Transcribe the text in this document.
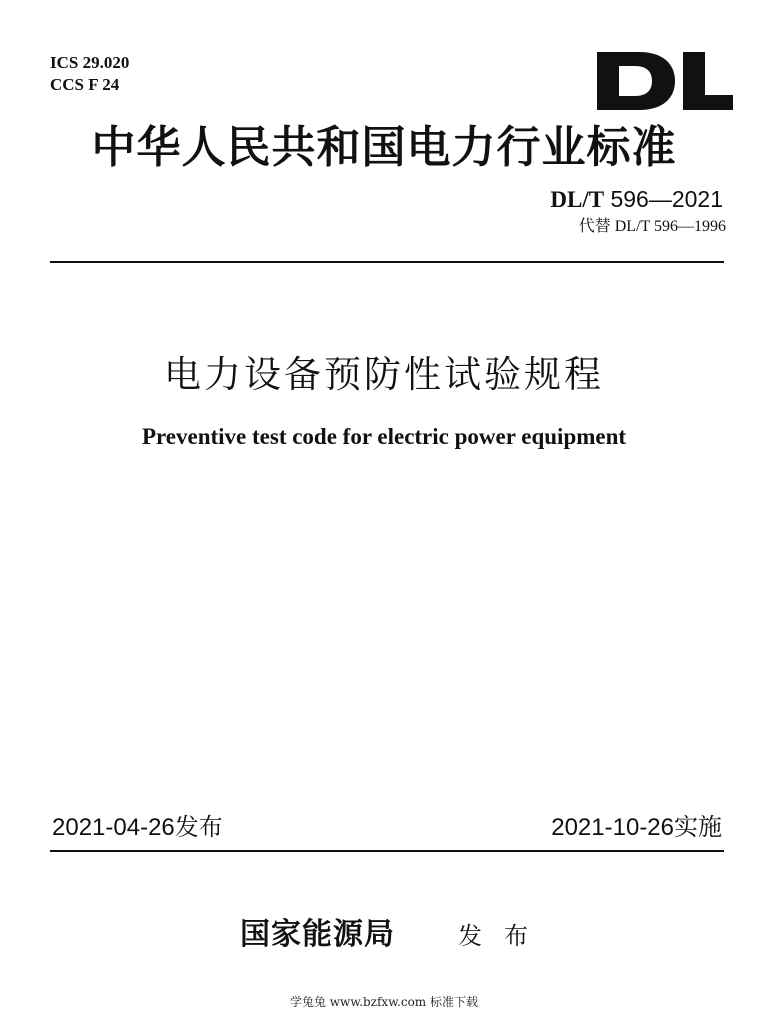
ICS 29.020
CCS F 24
中华人民共和国电力行业标准
DL/T 596—2021
代替 DL/T 596—1996
电力设备预防性试验规程
Preventive test code for electric power equipment
2021-04-26发布	2021-10-26实施
国家能源局	发布
学兔兔 www.bzfxw.com 标准下载
